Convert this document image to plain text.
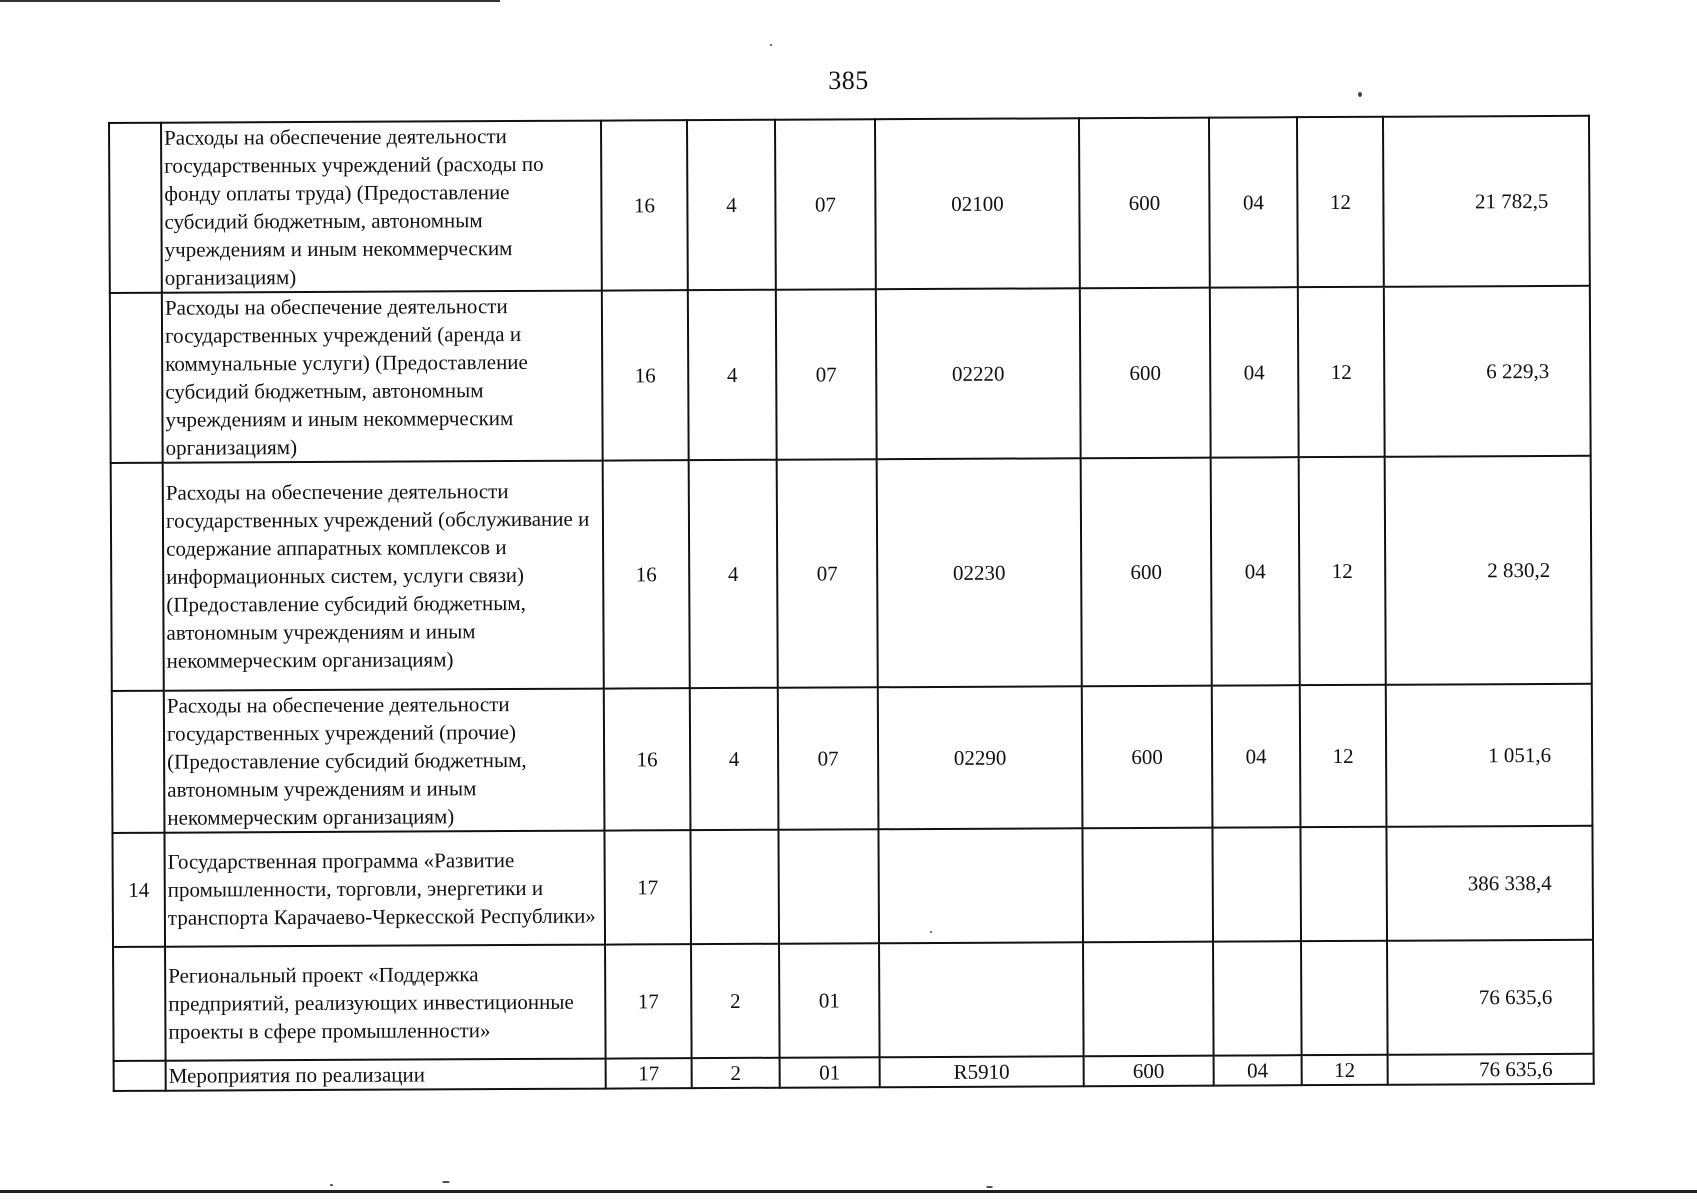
385
	Расходы на обеспечение деятельности государственных учреждений (расходы по фонду оплаты труда) (Предоставление субсидий бюджетным, автономным учреждениям и иным некоммерческим организациям)	16	4	07	02100	600	04	12	21 782,5
	Расходы на обеспечение деятельности государственных учреждений (аренда и коммунальные услуги) (Предоставление субсидий бюджетным, автономным учреждениям и иным некоммерческим организациям)	16	4	07	02220	600	04	12	6 229,3
	Расходы на обеспечение деятельности государственных учреждений (обслуживание и содержание аппаратных комплексов и информационных систем, услуги связи) (Предоставление субсидий бюджетным, автономным учреждениям и иным некоммерческим организациям)	16	4	07	02230	600	04	12	2 830,2
	Расходы на обеспечение деятельности государственных учреждений (прочие) (Предоставление субсидий бюджетным, автономным учреждениям и иным некоммерческим организациям)	16	4	07	02290	600	04	12	1 051,6
14	Государственная программа «Развитие промышленности, торговли, энергетики и транспорта Карачаево-Черкесской Республики»	17							386 338,4
	Региональный проект «Поддержка предприятий, реализующих инвестиционные проекты в сфере промышленности»	17	2	01					76 635,6
	Мероприятия по реализации	17	2	01	R5910	600	04	12	76 635,6
